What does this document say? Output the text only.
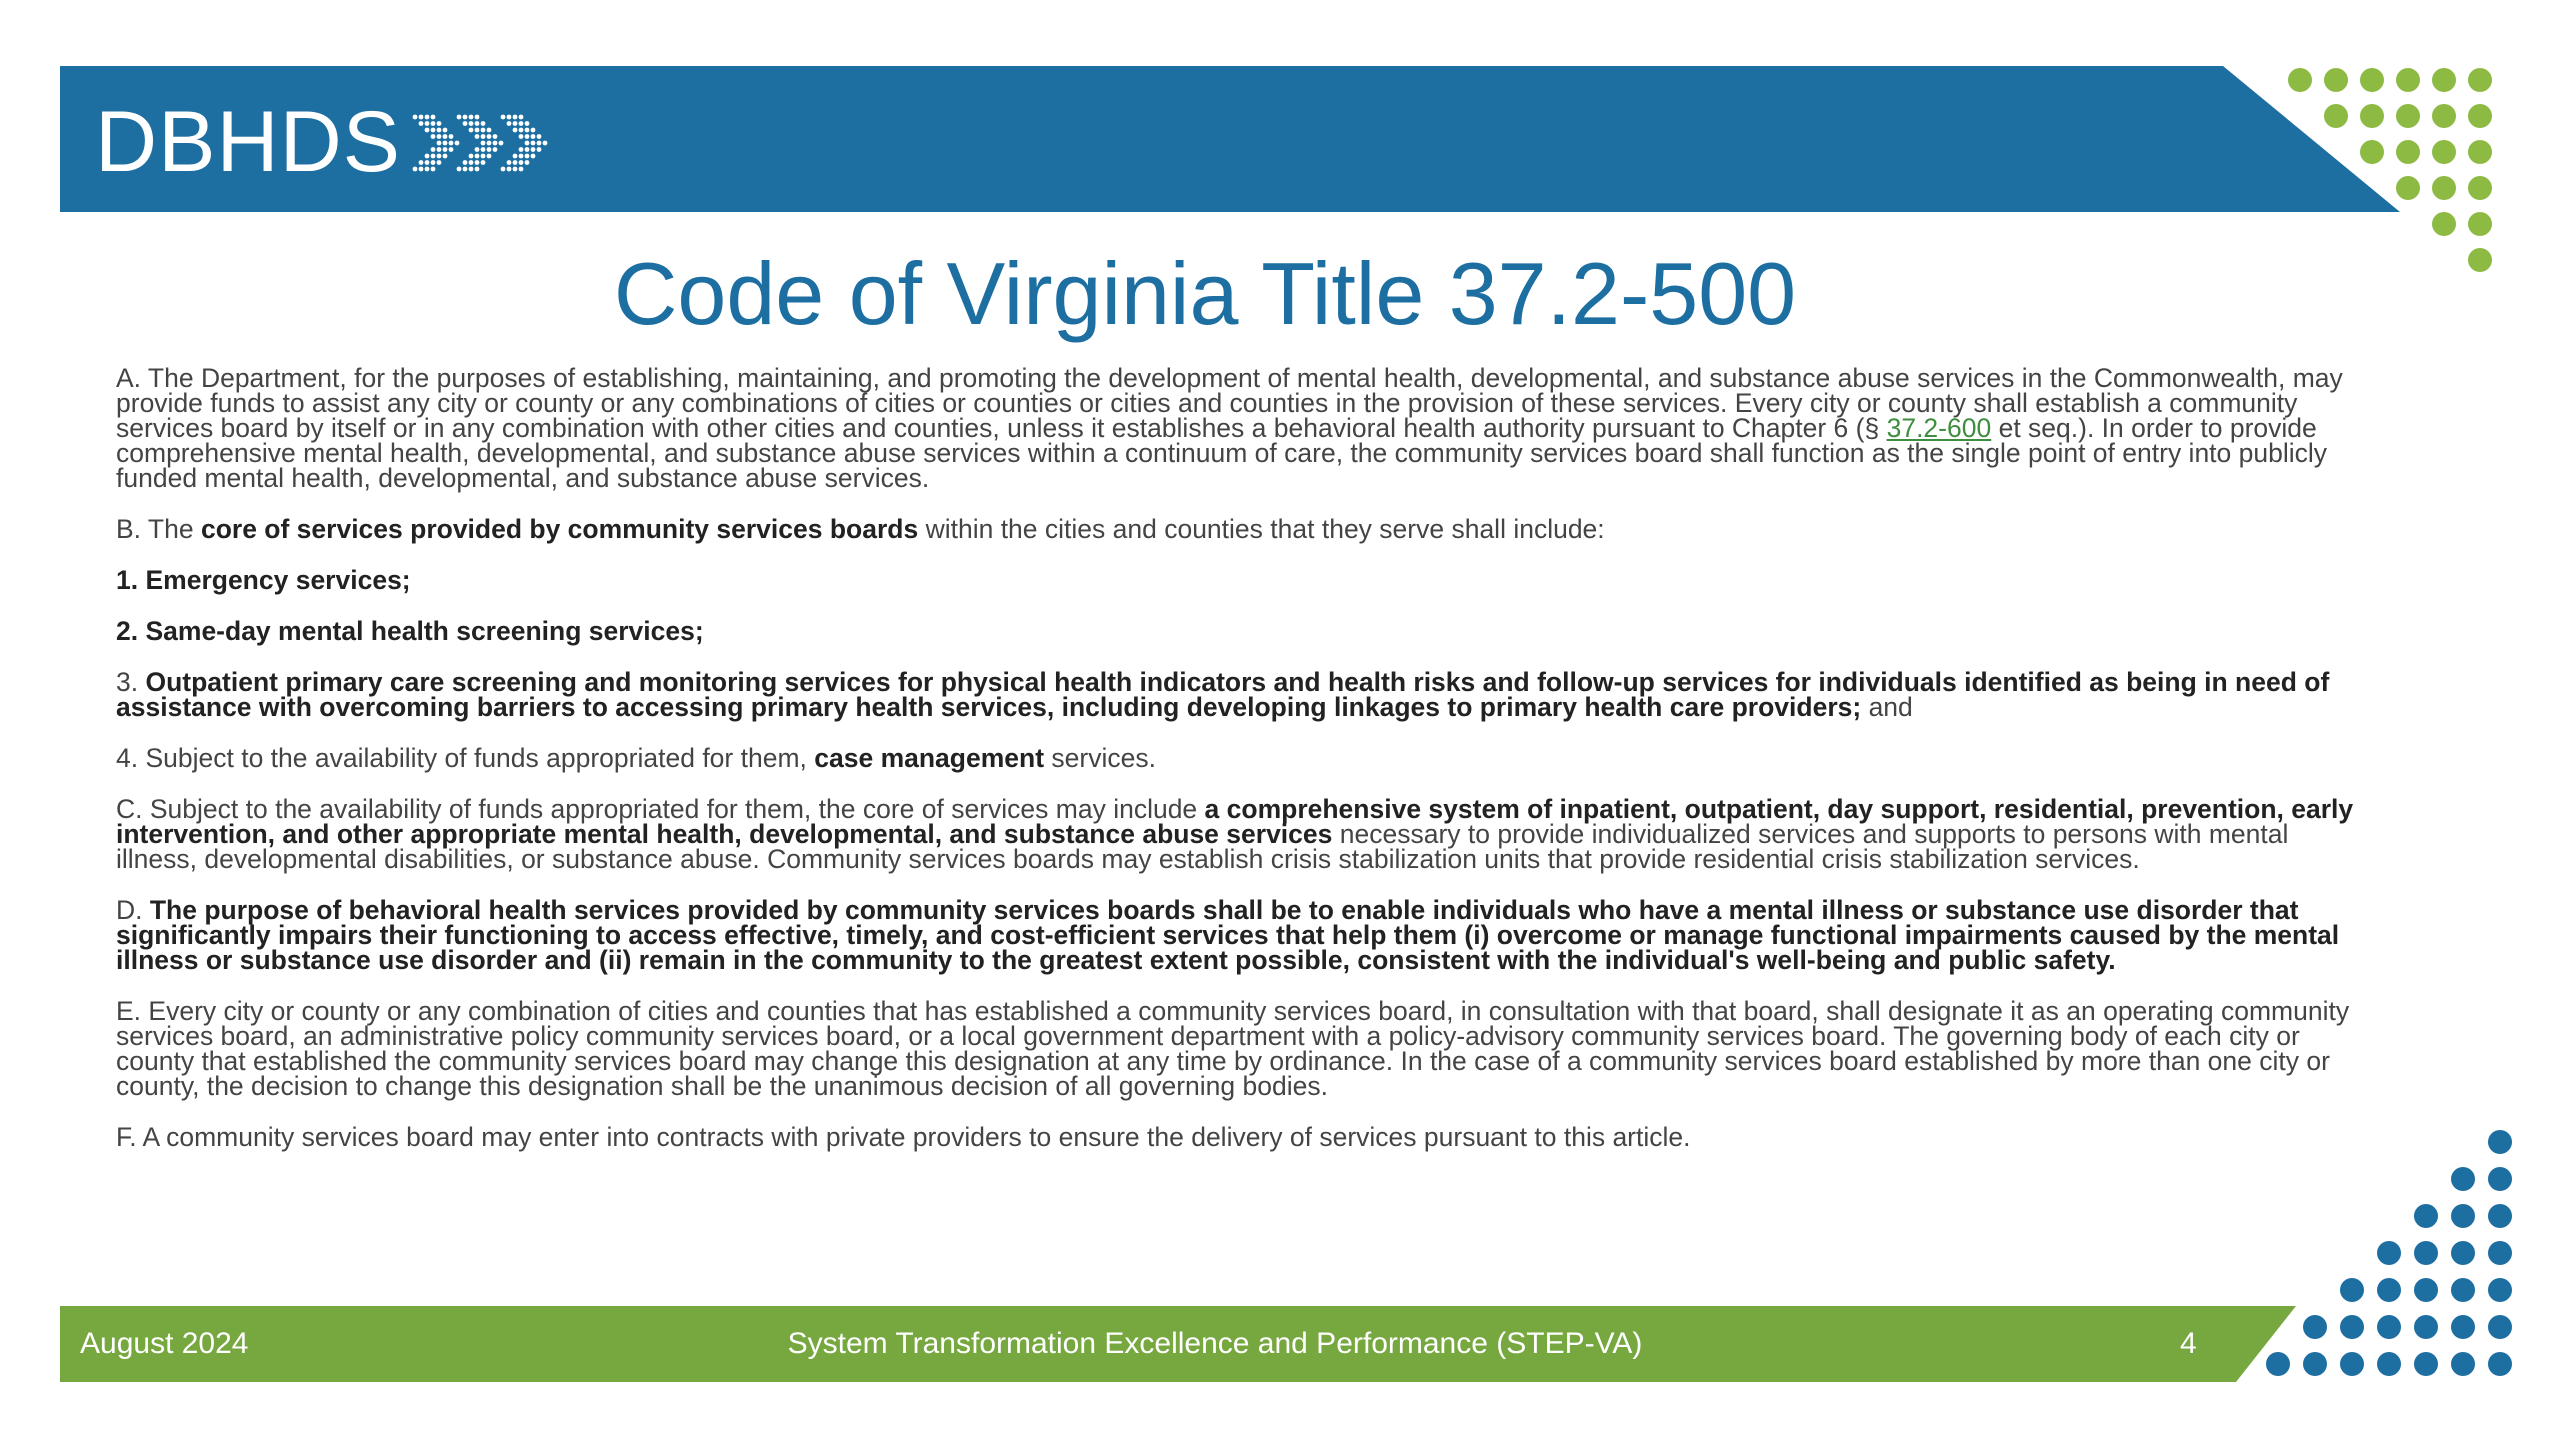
DBHDS
Code of Virginia Title 37.2-500

A. The Department, for the purposes of establishing, maintaining, and promoting the development of mental health, developmental, and substance abuse services in the Commonwealth, may provide funds to assist any city or county or any combinations of cities or counties or cities and counties in the provision of these services. Every city or county shall establish a community services board by itself or in any combination with other cities and counties, unless it establishes a behavioral health authority pursuant to Chapter 6 (§ 37.2-600 et seq.). In order to provide comprehensive mental health, developmental, and substance abuse services within a continuum of care, the community services board shall function as the single point of entry into publicly funded mental health, developmental, and substance abuse services.

B. The core of services provided by community services boards within the cities and counties that they serve shall include:

1. Emergency services;

2. Same-day mental health screening services;

3. Outpatient primary care screening and monitoring services for physical health indicators and health risks and follow-up services for individuals identified as being in need of assistance with overcoming barriers to accessing primary health services, including developing linkages to primary health care providers; and

4. Subject to the availability of funds appropriated for them, case management services.

C. Subject to the availability of funds appropriated for them, the core of services may include a comprehensive system of inpatient, outpatient, day support, residential, prevention, early intervention, and other appropriate mental health, developmental, and substance abuse services necessary to provide individualized services and supports to persons with mental illness, developmental disabilities, or substance abuse. Community services boards may establish crisis stabilization units that provide residential crisis stabilization services.

D. The purpose of behavioral health services provided by community services boards shall be to enable individuals who have a mental illness or substance use disorder that significantly impairs their functioning to access effective, timely, and cost-efficient services that help them (i) overcome or manage functional impairments caused by the mental illness or substance use disorder and (ii) remain in the community to the greatest extent possible, consistent with the individual's well-being and public safety.

E. Every city or county or any combination of cities and counties that has established a community services board, in consultation with that board, shall designate it as an operating community services board, an administrative policy community services board, or a local government department with a policy-advisory community services board. The governing body of each city or county that established the community services board may change this designation at any time by ordinance. In the case of a community services board established by more than one city or county, the decision to change this designation shall be the unanimous decision of all governing bodies.

F. A community services board may enter into contracts with private providers to ensure the delivery of services pursuant to this article.

August 2024	System Transformation Excellence and Performance (STEP-VA)	4
